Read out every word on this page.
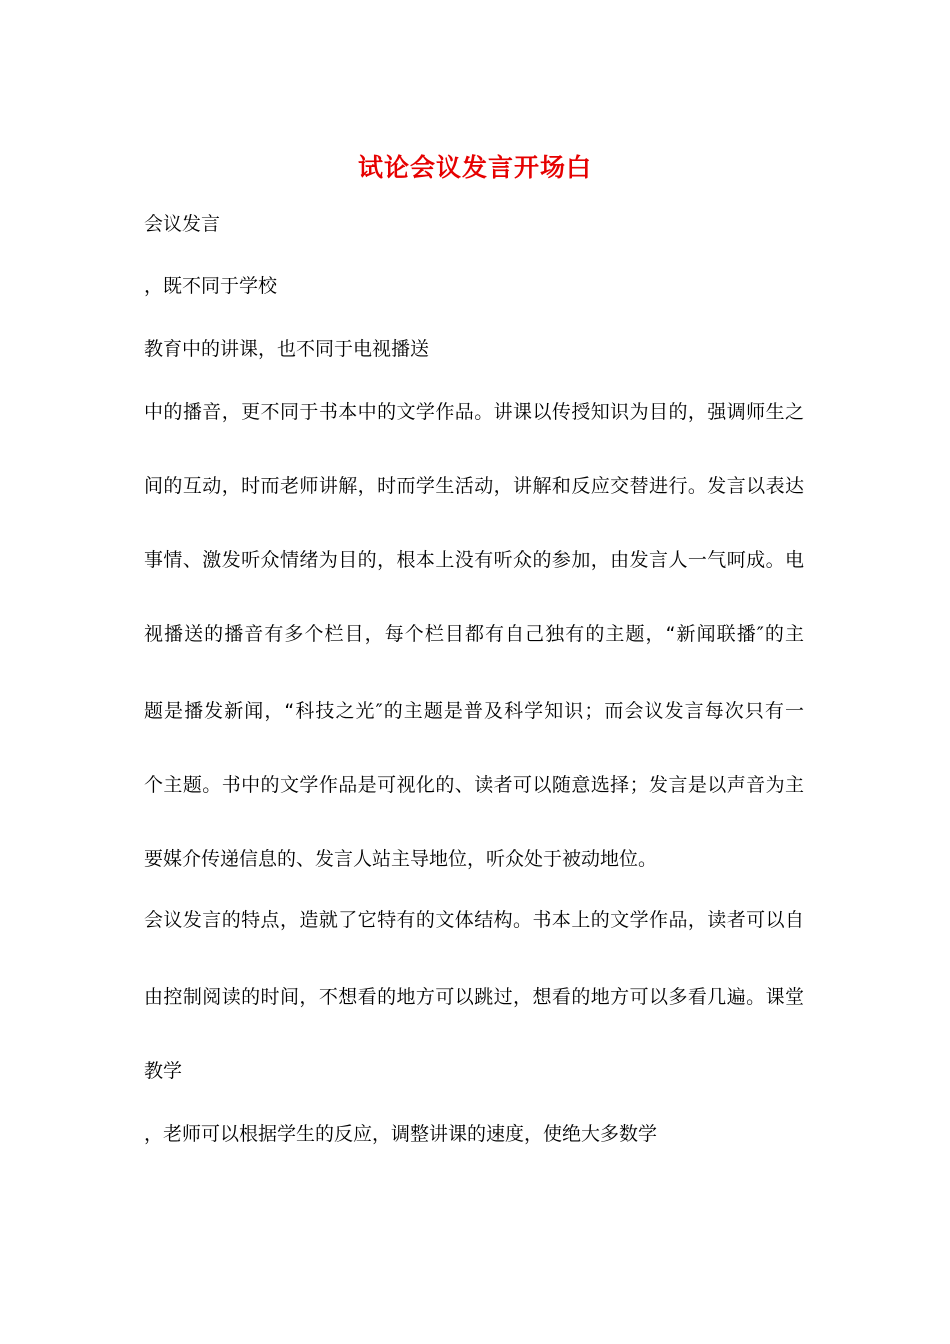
试论会议发言开场白
会议发言
，既不同于学校
教育中的讲课，也不同于电视播送
中的播音，更不同于书本中的文学作品。讲课以传授知识为目的，强调师生之
间的互动，时而老师讲解，时而学生活动，讲解和反应交替进行。发言以表达
事情、激发听众情绪为目的，根本上没有听众的参加，由发言人一气呵成。电
视播送的播音有多个栏目，每个栏目都有自己独有的主题，“新闻联播″的主
题是播发新闻，“科技之光″的主题是普及科学知识；而会议发言每次只有一
个主题。书中的文学作品是可视化的、读者可以随意选择；发言是以声音为主
要媒介传递信息的、发言人站主导地位，听众处于被动地位。
会议发言的特点，造就了它特有的文体结构。书本上的文学作品，读者可以自
由控制阅读的时间，不想看的地方可以跳过，想看的地方可以多看几遍。课堂
教学
，老师可以根据学生的反应，调整讲课的速度，使绝大多数学
